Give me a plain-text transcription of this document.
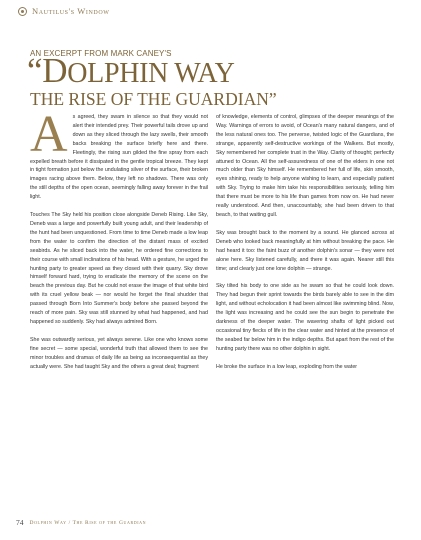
Nautilus's Window
AN EXCERPT FROM MARK CANEY'S
“DOLPHIN WAY
THE RISE OF THE GUARDIAN”

As agreed, they swam in silence so that they would not alert their intended prey. Their powerful tails drove up and down as they sliced through the lazy swells, their smooth backs breaking the surface briefly here and there. Fleetingly, the rising sun gilded the fine spray from each expelled breath before it dissipated in the gentle tropical breeze. They kept in tight formation just below the undulating silver of the surface, their broken images racing above them. Below, they left no shadows. There was only the still depths of the open ocean, seemingly falling away forever in the frail light.

Touches The Sky held his position close alongside Deneb Rising. Like Sky, Deneb was a large and powerfully built young adult, and their leadership of the hunt had been unquestioned. From time to time Deneb made a low leap from the water to confirm the direction of the distant mass of excited seabirds. As he sliced back into the water, he ordered fine corrections to their course with small inclinations of his head. With a gesture, he urged the hunting party to greater speed as they closed with their quarry. Sky drove himself forward hard, trying to eradicate the memory of the scene on the beach the previous day. But he could not erase the image of that white bird with its cruel yellow beak — nor would he forget the final shudder that passed through Born Into Summer's body before she passed beyond the reach of more pain. Sky was still stunned by what had happened, and had happened so suddenly. Sky had always admired Born.

She was outwardly serious, yet always serene. Like one who knows some fine secret — some special, wonderful truth that allowed them to see the minor troubles and dramas of daily life as being as inconsequential as they actually were. She had taught Sky and the others a great deal; fragment

of knowledge, elements of control, glimpses of the deeper meanings of the Way. Warnings of errors to avoid, of Ocean's many natural dangers, and of the less natural ones too. The perverse, twisted logic of the Guardians, the strange, apparently self-destructive workings of the Walkers. But mostly, Sky remembered her complete trust in the Way. Clarity of thought; perfectly attuned to Ocean. All the self-assuredness of one of the elders in one not much older than Sky himself. He remembered her full of life, skin smooth, eyes shining, ready to help anyone wishing to learn, and especially patient with Sky. Trying to make him take his responsibilities seriously, telling him that there must be more to his life than games from now on. He had never really understood. And then, unaccountably, she had been driven to that beach, to that waiting gull.

Sky was brought back to the moment by a sound. He glanced across at Deneb who looked back meaningfully at him without breaking the pace. He had heard it too: the faint buzz of another dolphin's sonar — they were not alone here. Sky listened carefully, and there it was again. Nearer still this time; and clearly just one lone dolphin — strange.

Sky tilted his body to one side as he swam so that he could look down. They had begun their sprint towards the birds barely able to see in the dim light, and without echolocation it had been almost like swimming blind. Now, the light was increasing and he could see the sun begin to penetrate the darkness of the deeper water. The wavering shafts of light picked out occasional tiny flecks of life in the clear water and hinted at the presence of the seabed far below him in the indigo depths. But apart from the rest of the hunting party there was no other dolphin in sight.

He broke the surface in a low leap, exploding from the water

74 Dolphin Way / The Rise of the Guardian
